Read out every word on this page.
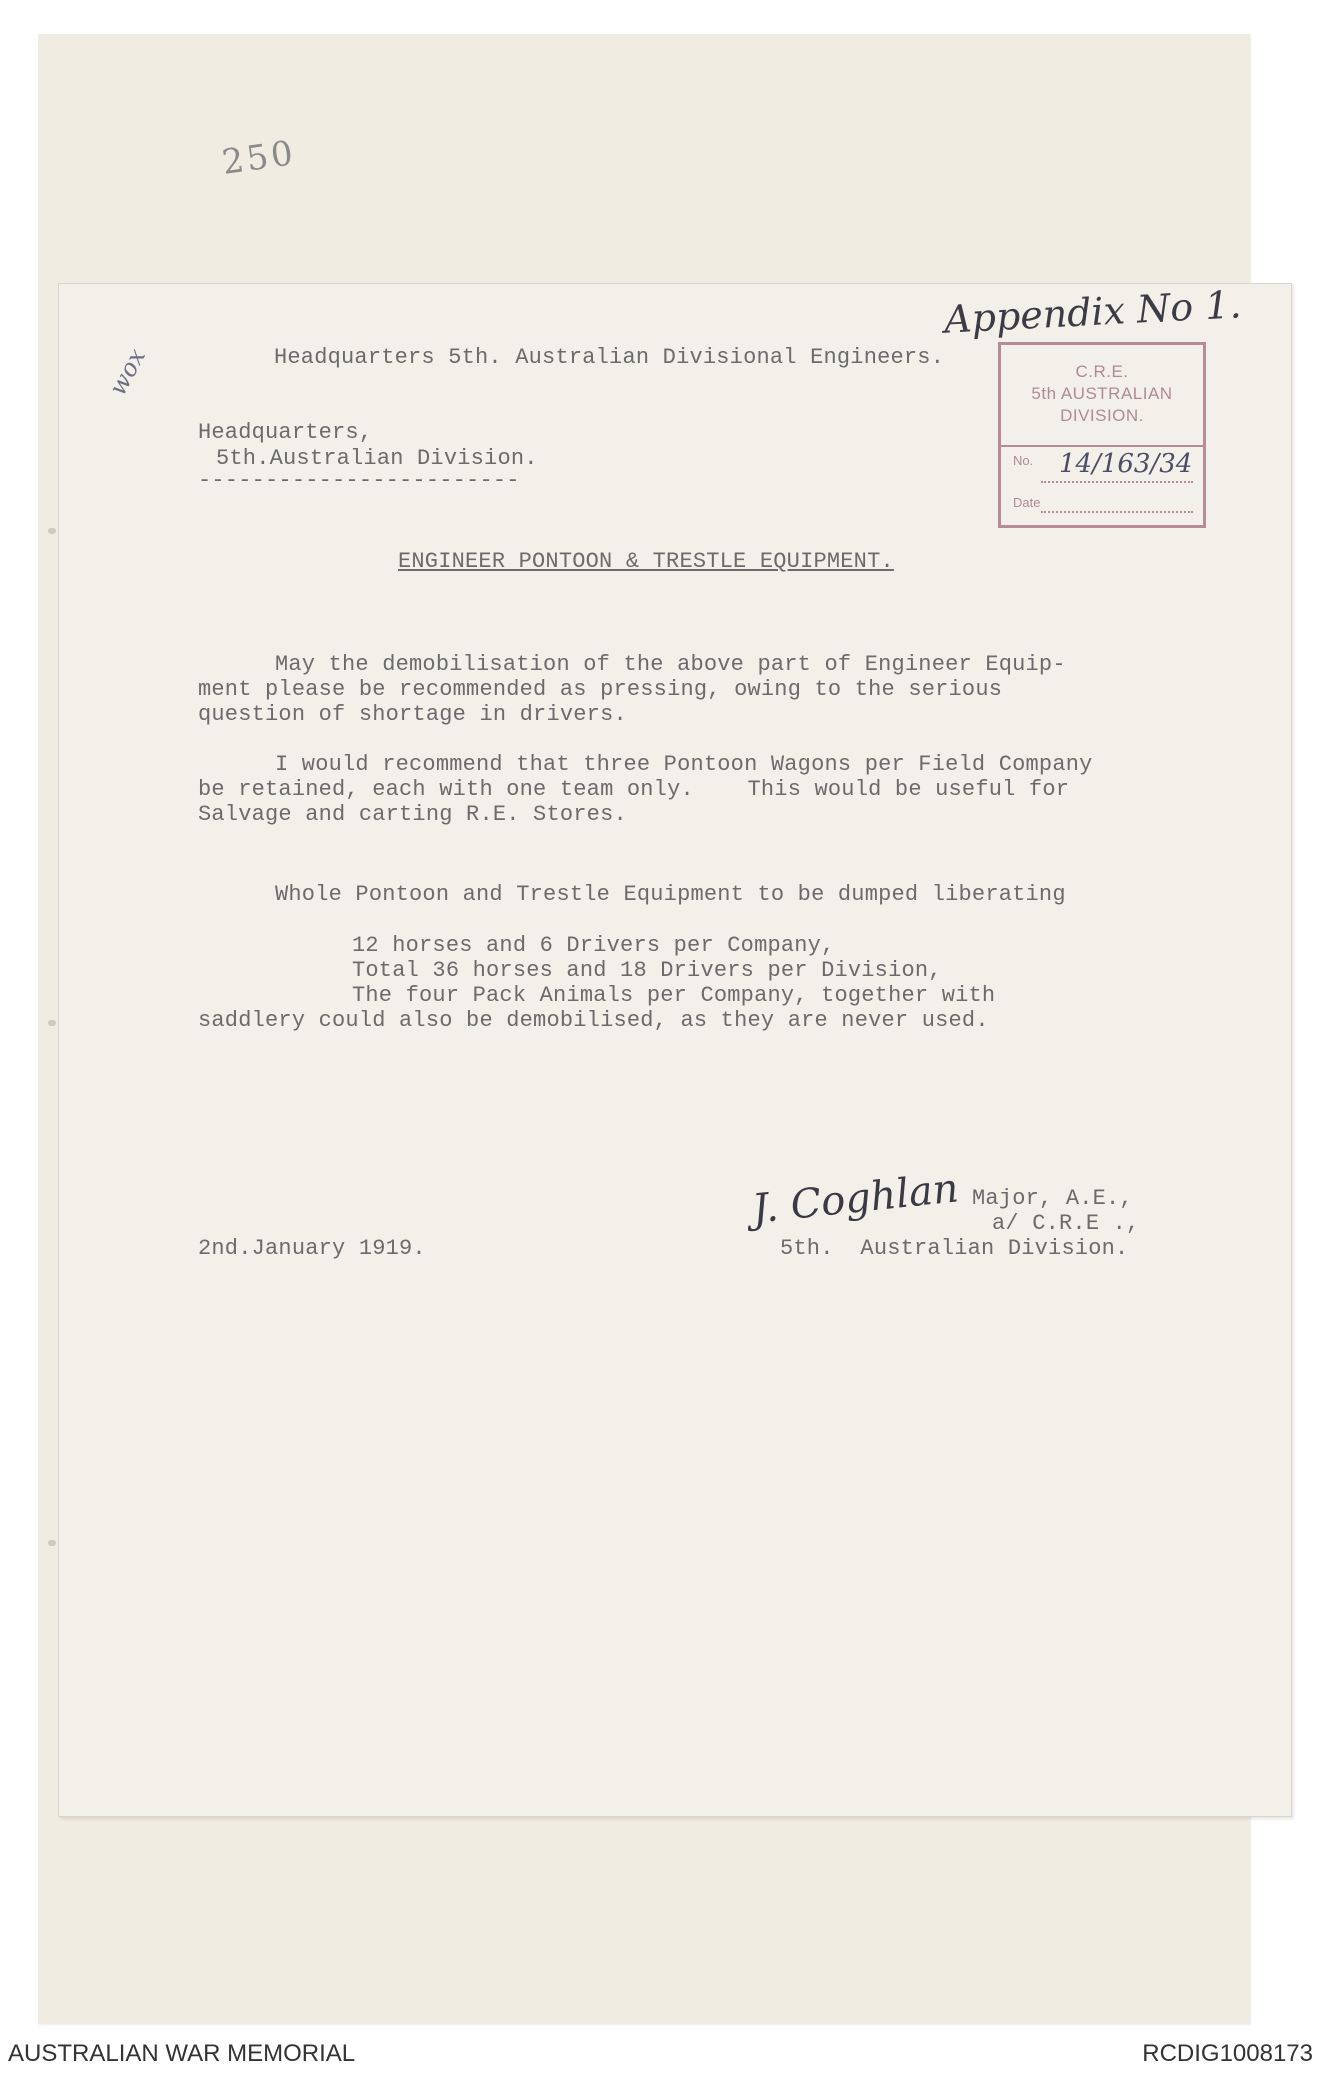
250
Appendix No 1.
wox	C.R.E.
5th AUSTRALIAN
DIVISION.
No. 14/163/34
Date
Headquarters 5th. Australian Divisional Engineers.
Headquarters,
5th.Australian Division.
------------------------
ENGINEER PONTOON & TRESTLE EQUIPMENT.
May the demobilisation of the above part of Engineer Equip-
ment please be recommended as pressing, owing to the serious
question of shortage in drivers.
I would recommend that three Pontoon Wagons per Field Company
be retained, each with one team only.    This would be useful for
Salvage and carting R.E. Stores.
Whole Pontoon and Trestle Equipment to be dumped liberating
12 horses and 6 Drivers per Company,
Total 36 horses and 18 Drivers per Division,
The four Pack Animals per Company, together with
saddlery could also be demobilised, as they are never used.
J. Coghlan Major, A.E.,
a/ C.R.E .,
2nd.January 1919.	5th.  Australian Division.
AUSTRALIAN WAR MEMORIAL	RCDIG1008173
